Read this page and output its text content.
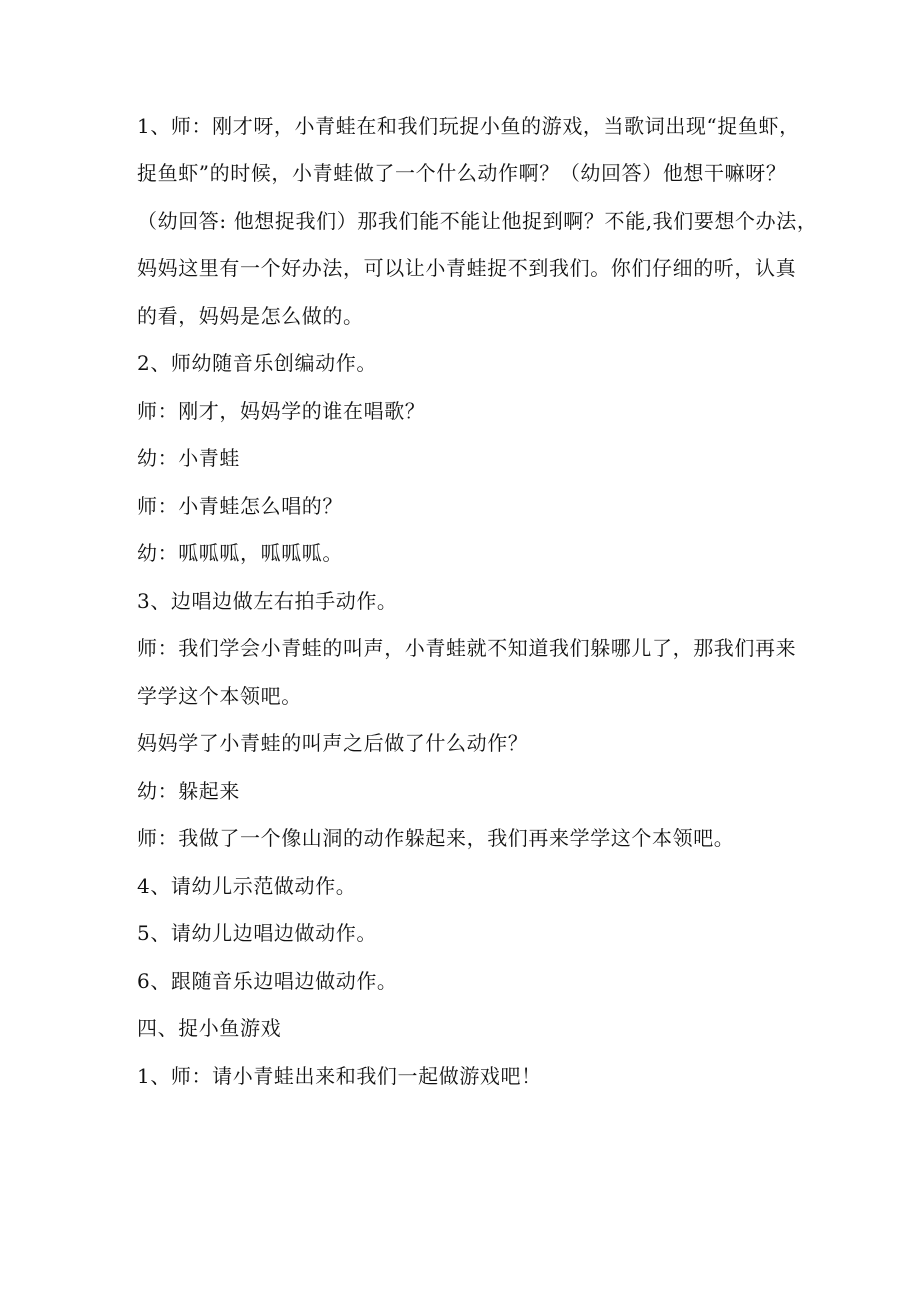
1、师：刚才呀，小青蛙在和我们玩捉小鱼的游戏，当歌词出现“捉鱼虾，
捉鱼虾”的时候，小青蛙做了一个什么动作啊？（幼回答）他想干嘛呀？
（幼回答: 他想捉我们）那我们能不能让他捉到啊？不能,我们要想个办法，
妈妈这里有一个好办法，可以让小青蛙捉不到我们。你们仔细的听，认真
的看，妈妈是怎么做的。
2、师幼随音乐创编动作。
师：刚才，妈妈学的谁在唱歌？
幼：小青蛙
师：小青蛙怎么唱的？
幼：呱呱呱，呱呱呱。
3、边唱边做左右拍手动作。
师：我们学会小青蛙的叫声，小青蛙就不知道我们躲哪儿了，那我们再来
学学这个本领吧。
妈妈学了小青蛙的叫声之后做了什么动作？
幼：躲起来
师：我做了一个像山洞的动作躲起来，我们再来学学这个本领吧。
4、请幼儿示范做动作。
5、请幼儿边唱边做动作。
6、跟随音乐边唱边做动作。
四、捉小鱼游戏
1、师：请小青蛙出来和我们一起做游戏吧！
